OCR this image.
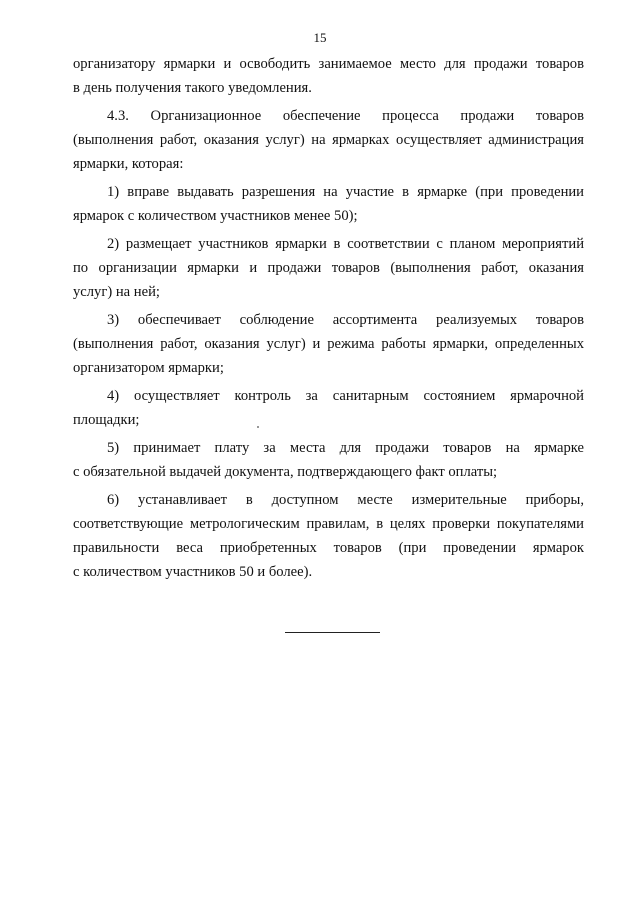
15
организатору ярмарки и освободить занимаемое место для продажи товаров
в день получения такого уведомления.
4.3. Организационное обеспечение процесса продажи товаров
(выполнения работ, оказания услуг) на ярмарках осуществляет администрация
ярмарки, которая:
1) вправе выдавать разрешения на участие в ярмарке (при проведении
ярмарок с количеством участников менее 50);
2) размещает участников ярмарки в соответствии с планом мероприятий
по организации ярмарки и продажи товаров (выполнения работ, оказания
услуг) на ней;
3) обеспечивает соблюдение ассортимента реализуемых товаров
(выполнения работ, оказания услуг) и режима работы ярмарки, определенных
организатором ярмарки;
4) осуществляет контроль за санитарным состоянием ярмарочной
площадки;
5) принимает плату за места для продажи товаров на ярмарке
с обязательной выдачей документа, подтверждающего факт оплаты;
6) устанавливает в доступном месте измерительные приборы,
соответствующие метрологическим правилам, в целях проверки покупателями
правильности веса приобретенных товаров (при проведении ярмарок
с количеством участников 50 и более).
